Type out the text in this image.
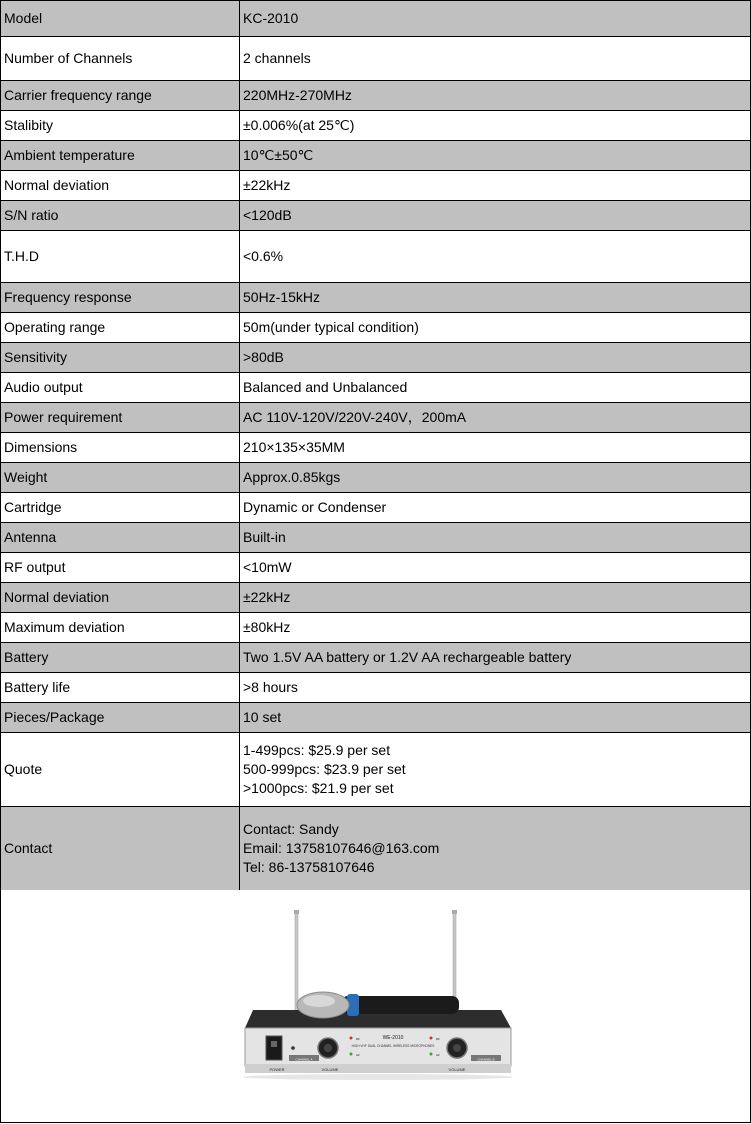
Model	KC-2010
Number of Channels	2 channels
Carrier frequency range	220MHz-270MHz
Stalibity	±0.006%(at 25℃)
Ambient temperature	10℃±50℃
Normal deviation	±22kHz
S/N ratio	<120dB
T.H.D	<0.6%
Frequency response	50Hz-15kHz
Operating range	50m(under typical condition)
Sensitivity	>80dB
Audio output	Balanced and Unbalanced
Power requirement	AC 110V-120V/220V-240V，200mA
Dimensions	210×135×35MM
Weight	Approx.0.85kgs
Cartridge	Dynamic or Condenser
Antenna	Built-in
RF output	<10mW
Normal deviation	±22kHz
Maximum deviation	±80kHz
Battery	Two 1.5V AA battery or 1.2V AA rechargeable battery
Battery life	>8 hours
Pieces/Package	10 set
Quote	1-499pcs: $25.9 per set
500-999pcs: $23.9 per set
>1000pcs: $21.9 per set

Contact	Contact: Sandy
Email: 13758107646@163.com
Tel: 86-13758107646
WE-2010
HIGH VHF DUAL CHANNEL WIRELESS MICROPHONES
POWER	VOLUME	VOLUME
CHANNEL A	CHANNEL B
RF
AF
RF
AF
